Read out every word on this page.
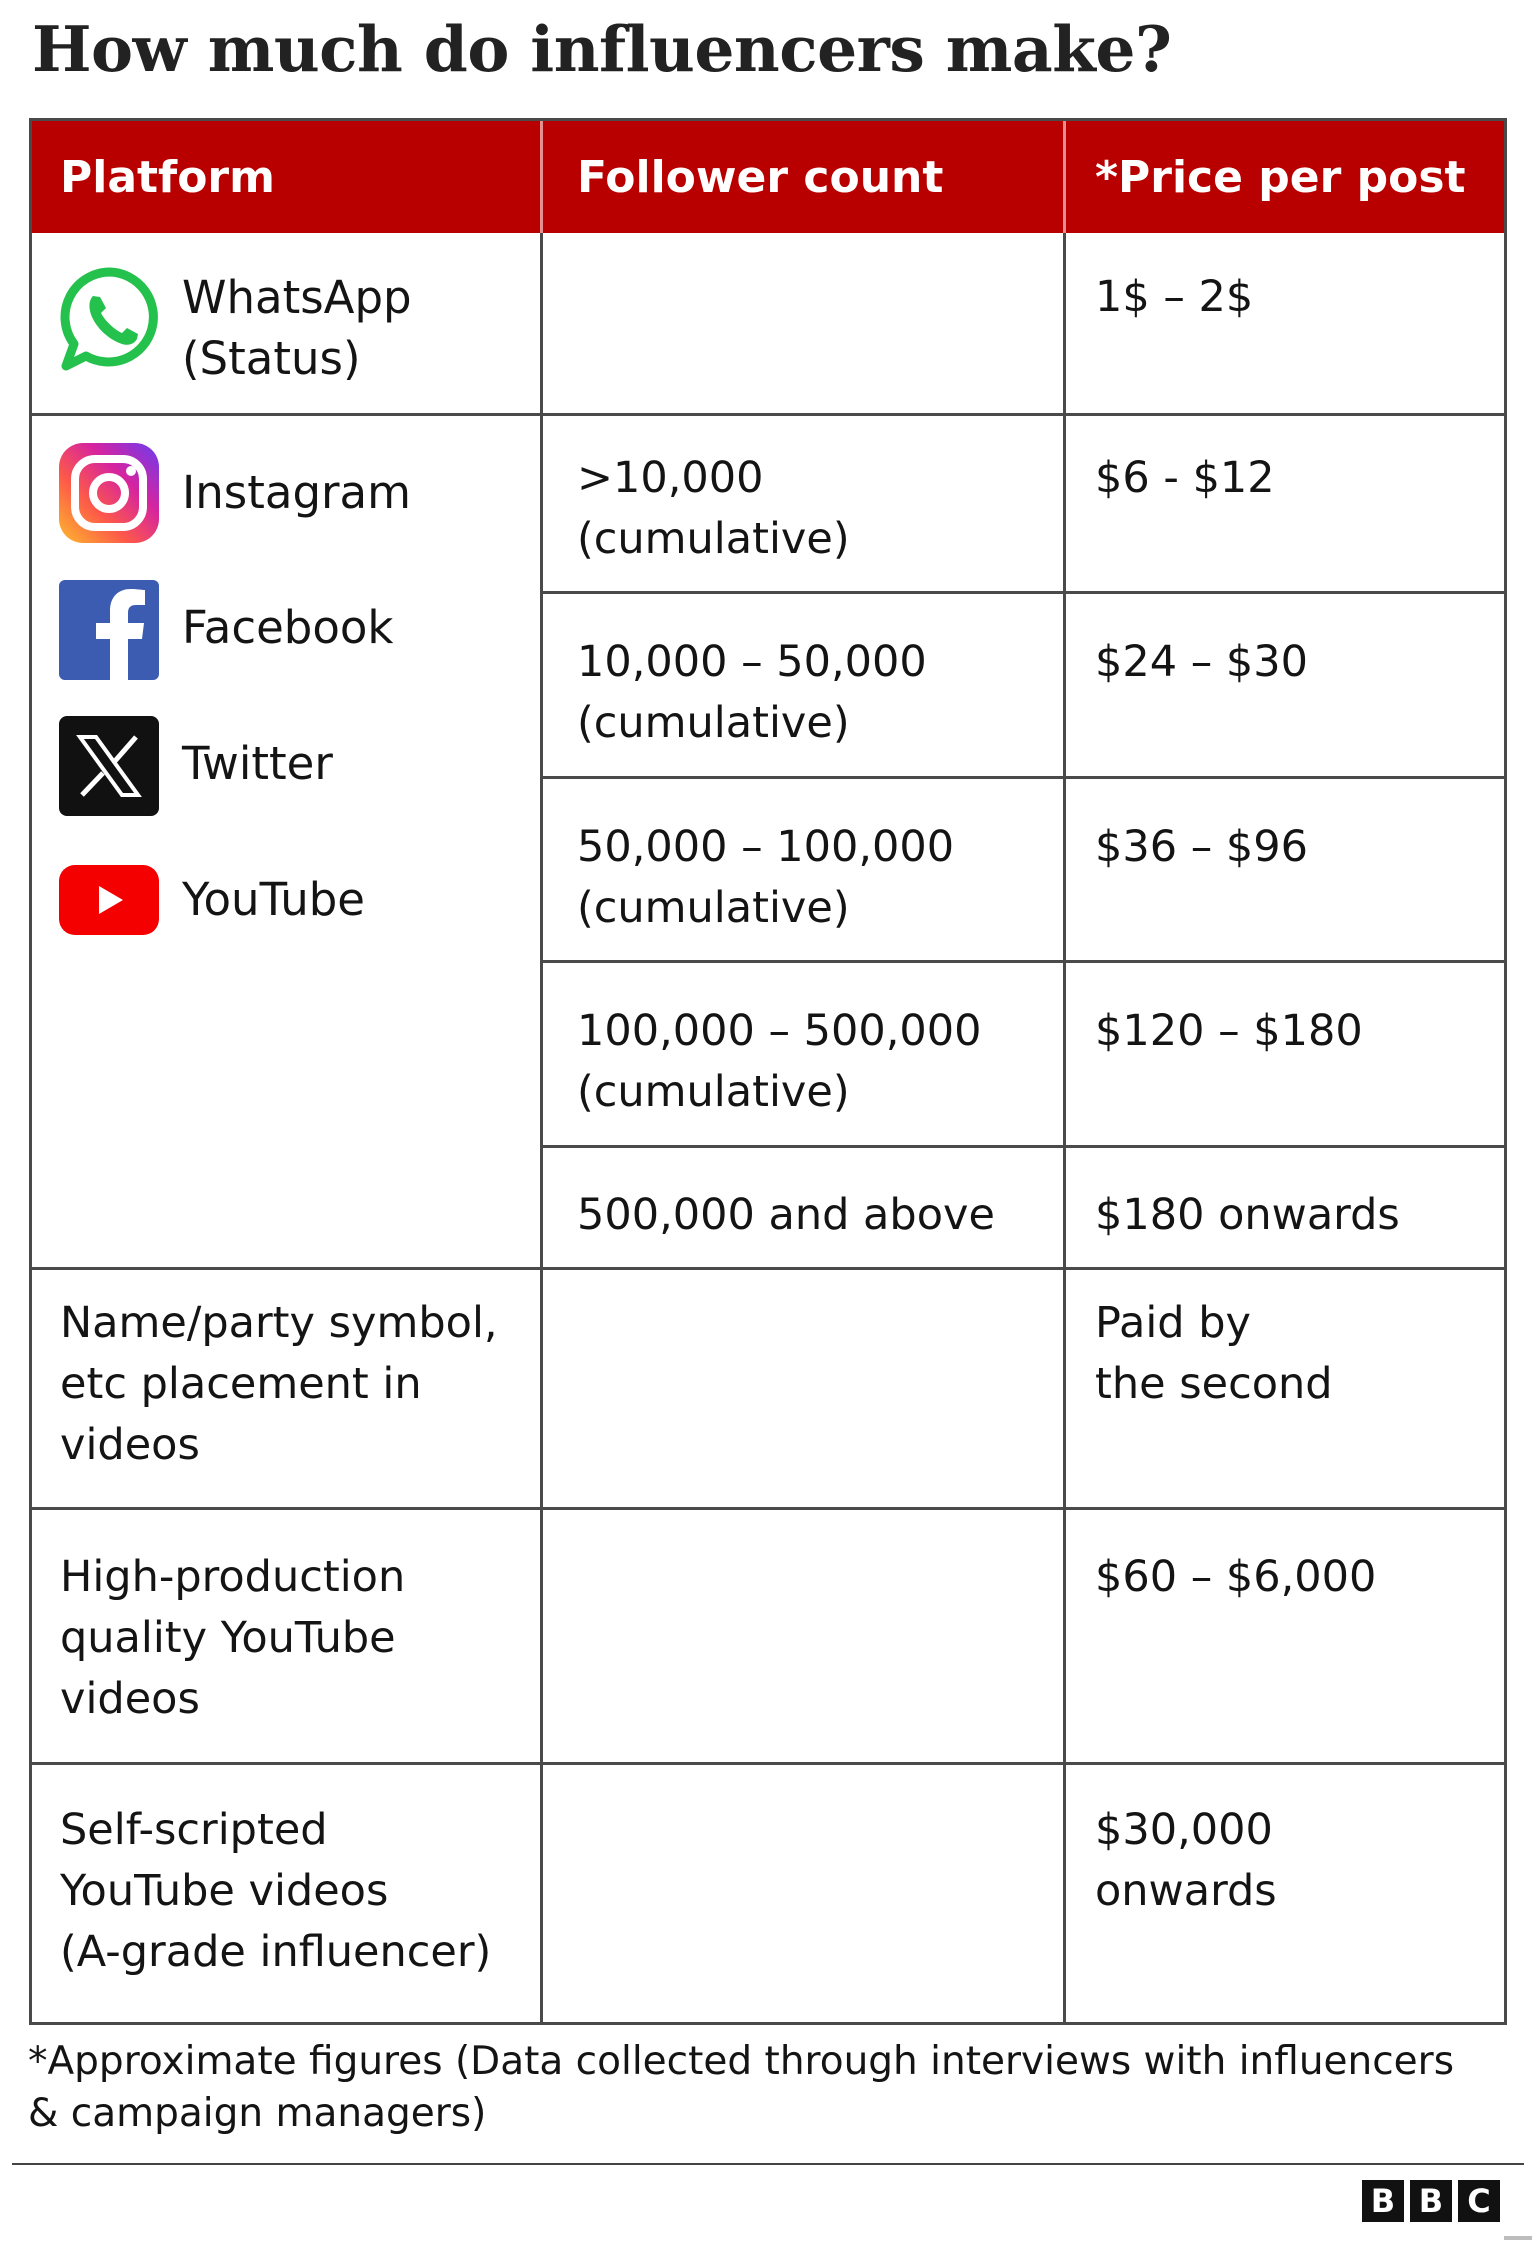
How much do influencers make?
Platform	Follower count	*Price per post
WhatsApp
(Status)
1$ – 2$
Instagram
Facebook
Twitter
YouTube
>10,000
(cumulative)
$6 - $12
10,000 – 50,000
(cumulative)
$24 – $30
50,000 – 100,000
(cumulative)
$36 – $96
100,000 – 500,000
(cumulative)
$120 – $180
500,000 and above $180 onwards
Name/party symbol,
etc placement in
videos
Paid by
the second
High-production
quality YouTube
videos
$60 – $6,000
Self-scripted
YouTube videos
(A-grade influencer)
$30,000
onwards
*Approximate figures (Data collected through interviews with influencers
& campaign managers)
B B C
